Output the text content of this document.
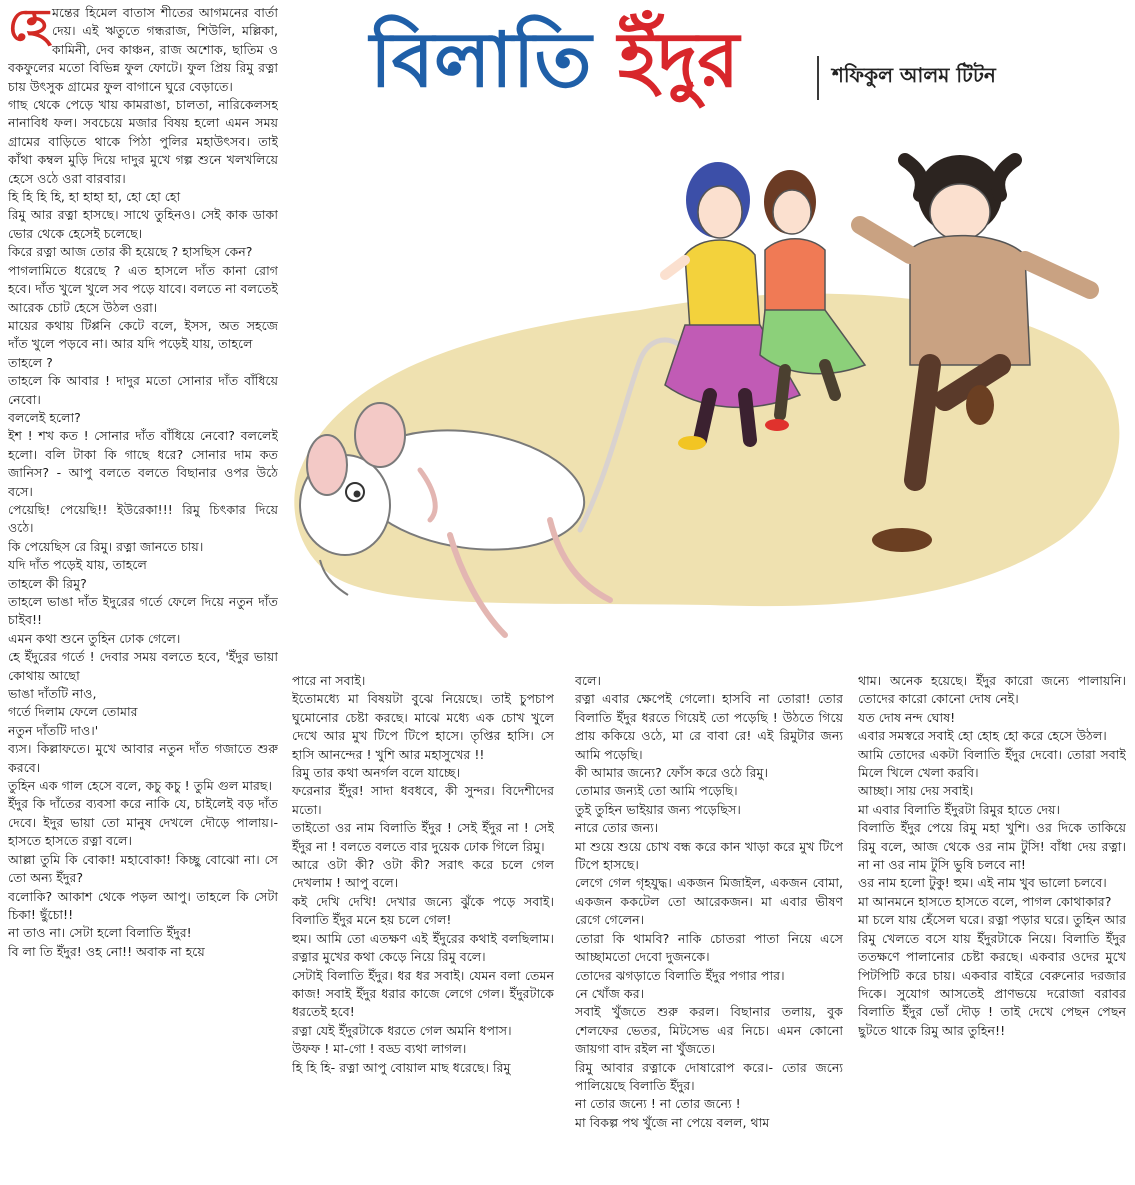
হে মন্তের হিমেল বাতাস শীতের আগমনের বার্তা দেয়। এই ঋতুতে গন্ধরাজ, শিউলি, মল্লিকা, কামিনী, দেব কাঞ্চন, রাজ অশোক, ছাতিম ও বকফুলের মতো বিভিন্ন ফুল ফোটে। ফুল প্রিয় রিমু রত্না চায় উৎসুক গ্রামের ফুল বাগানে ঘুরে বেড়াতে।

গাছ থেকে পেড়ে খায় কামরাঙা, চালতা, নারিকেলসহ নানাবিধ ফল। সবচেয়ে মজার বিষয় হলো এমন সময় গ্রামের বাড়িতে থাকে পিঠা পুলির মহাউৎসব। তাই কাঁথা কম্বল মুড়ি দিয়ে দাদুর মুখে গল্প শুনে খলখলিয়ে হেসে ওঠে ওরা বারবার।

হি হি হি হি, হা হাহা হা, হো হো হো

রিমু আর রত্না হাসছে। সাথে তুহিনও। সেই কাক ডাকা ভোর থেকে হেসেই চলেছে।

কিরে রত্না আজ তোর কী হয়েছে ? হাসছিস কেন?

পাগলামিতে ধরেছে ? এত হাসলে দাঁত কানা রোগ হবে। দাঁত খুলে খুলে সব পড়ে যাবে। বলতে না বলতেই আরেক চোট হেসে উঠল ওরা।

মায়ের কথায় টিপ্পনি কেটে বলে, ইসস, অত সহজে দাঁত খুলে পড়বে না। আর যদি পড়েই যায়, তাহলে

তাহলে ?

তাহলে কি আবার ! দাদুর মতো সোনার দাঁত বাঁধিয়ে নেবো।

বললেই হলো?

ইশ ! শখ কত ! সোনার দাঁত বাঁধিয়ে নেবো? বললেই হলো। বলি টাকা কি গাছে ধরে? সোনার দাম কত জানিস? - আপু বলতে বলতে বিছানার ওপর উঠে বসে।

পেয়েছি! পেয়েছি!! ইউরেকা!!! রিমু চিৎকার দিয়ে ওঠে।

কি পেয়েছিস রে রিমু। রত্না জানতে চায়।

যদি দাঁত পড়েই যায়, তাহলে

তাহলে কী রিমু?

তাহলে ভাঙা দাঁত ইদুরের গর্তে ফেলে দিয়ে নতুন দাঁত চাইব!!

এমন কথা শুনে তুহিন ঢোক গেলে।

হে ইঁদুরের গর্তে ! দেবার সময় বলতে হবে, 'ইঁদুর ভায়া কোথায় আছো

ভাঙা দাঁতটি নাও,

গর্তে দিলাম ফেলে তোমার

নতুন দাঁতটি দাও।'

ব্যস। কিল্লাফতে। মুখে আবার নতুন দাঁত গজাতে শুরু করবে।

তুহিন এক গাল হেসে বলে, কচু কচু ! তুমি গুল মারছ।

ইঁদুর কি দাঁতের ব্যবসা করে নাকি যে, চাইলেই বড় দাঁত দেবে। ইদুর ভায়া তো মানুষ দেখলে দৌড়ে পালায়।- হাসতে হাসতে রত্না বলে।

আল্লা তুমি কি বোকা! মহাবোকা! কিচ্ছু বোঝো না। সে তো অন্য ইঁদুর?

বলোকি? আকাশ থেকে পড়ল আপু। তাহলে কি সেটা চিকা! ছুঁচো!!

না তাও না। সেটা হলো বিলাতি ইঁদুর!

বি লা তি ইঁদুর! ওহ নো!! অবাক না হয়ে

বিলাতি ইঁদুর	শফিকুল আলম টিটন

পারে না সবাই।

ইতোমধ্যে মা বিষয়টা বুঝে নিয়েছে। তাই চুপচাপ ঘুমোনোর চেষ্টা করছে। মাঝে মধ্যে এক চোখ খুলে দেখে আর মুখ টিপে টিপে হাসে। তৃপ্তির হাসি। সে হাসি আনন্দের ! খুশি আর মহাসুখের !!

রিমু তার কথা অনর্গল বলে যাচ্ছে।

ফরেনার ইঁদুর! সাদা ধবধবে, কী সুন্দর। বিদেশীদের মতো।

তাইতো ওর নাম বিলাতি ইঁদুর ! সেই ইঁদুর না ! সেই ইঁদুর না ! বলতে বলতে বার দুয়েক ঢোক গিলে রিমু।

আরে ওটা কী? ওটা কী? সরাৎ করে চলে গেল দেখলাম ! আপু বলে।

কই দেখি দেখি! দেখার জন্যে ঝুঁকে পড়ে সবাই। বিলাতি ইঁদুর মনে হয় চলে গেল!

হুম। আমি তো এতক্ষণ এই ইঁদুরের কথাই বলছিলাম। রত্নার মুখের কথা কেড়ে নিয়ে রিমু বলে।

সেটাই বিলাতি ইঁদুর। ধর ধর সবাই। যেমন বলা তেমন কাজ! সবাই ইঁদুর ধরার কাজে লেগে গেল। ইঁদুরটাকে ধরতেই হবে!

রত্না যেই ইঁদুরটাকে ধরতে গেল অমনি ধপাস।

উফফ ! মা-গো ! বড্ড ব্যথা লাগল।

হি হি হি- রত্না আপু বোয়াল মাছ ধরেছে। রিমু

বলে।

রত্না এবার ক্ষেপেই গেলো। হাসবি না তোরা! তোর বিলাতি ইঁদুর ধরতে গিয়েই তো পড়েছি ! উঠতে গিয়ে প্রায় ককিয়ে ওঠে, মা রে বাবা রে! এই রিমুটার জন্য আমি পড়েছি।

কী আমার জন্যে? ফোঁস করে ওঠে রিমু।

তোমার জন্যই তো আমি পড়েছি।

তুই তুহিন ভাইয়ার জন্য পড়েছিস।

নারে তোর জন্য।

মা শুয়ে শুয়ে চোখ বন্ধ করে কান খাড়া করে মুখ টিপে টিপে হাসছে।

লেগে গেল গৃহযুদ্ধ। একজন মিজাইল, একজন বোমা, একজন ককটেল তো আরেকজন। মা এবার ভীষণ রেগে গেলেন।

তোরা কি থামবি? নাকি চোতরা পাতা নিয়ে এসে আচ্ছামতো দেবো দুজনকে।

তোদের ঝগড়াতে বিলাতি ইঁদুর পগার পার।

নে খোঁজ কর।

সবাই খুঁজতে শুরু করল। বিছানার তলায়, বুক শেলফের ভেতর, মিটসেভ এর নিচে। এমন কোনো জায়গা বাদ রইল না খুঁজতে।

রিমু আবার রত্নাকে দোষারোপ করে।- তোর জন্যে পালিয়েছে বিলাতি ইঁদুর।

না তোর জন্যে ! না তোর জন্যে !

মা বিকল্প পথ খুঁজে না পেয়ে বলল, থাম

থাম। অনেক হয়েছে। ইঁদুর কারো জন্যে পালায়নি। তোদের কারো কোনো দোষ নেই।

যত দোষ নন্দ ঘোষ!

এবার সমস্বরে সবাই হো হোহ হো করে হেসে উঠল।

আমি তোদের একটা বিলাতি ইঁদুর দেবো। তোরা সবাই মিলে খিলে খেলা করবি।

আচ্ছা। সায় দেয় সবাই।

মা এবার বিলাতি ইঁদুরটা রিমুর হাতে দেয়।

বিলাতি ইঁদুর পেয়ে রিমু মহা খুশি। ওর দিকে তাকিয়ে রিমু বলে, আজ থেকে ওর নাম টুসি! বাঁধা দেয় রত্না। না না ওর নাম টুসি ভুষি চলবে না!

ওর নাম হলো টুকু! হুম। এই নাম খুব ভালো চলবে।

মা আনমনে হাসতে হাসতে বলে, পাগল কোথাকার?

মা চলে যায় হেঁসেল ঘরে। রত্না পড়ার ঘরে। তুহিন আর রিমু খেলতে বসে যায় ইঁদুরটাকে নিয়ে। বিলাতি ইঁদুর ততক্ষণে পালানোর চেষ্টা করছে। একবার ওদের মুখে পিটপিটি করে চায়। একবার বাইরে বেরুনোর দরজার দিকে। সুযোগ আসতেই প্রাণভয়ে দরোজা বরাবর বিলাতি ইঁদুর ভোঁ দৌড় ! তাই দেখে পেছন পেছন ছুটতে থাকে রিমু আর তুহিন!!
